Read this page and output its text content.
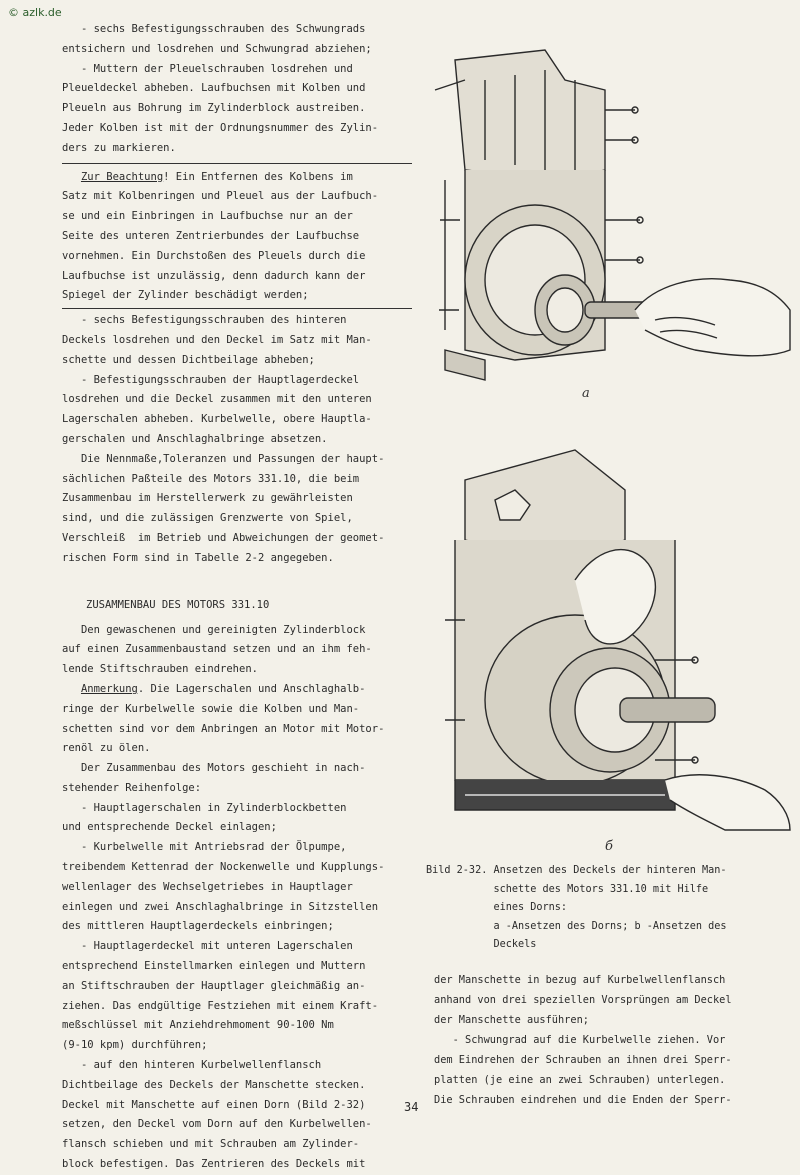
© azlk.de

- sechs Befestigungsschrauben des Schwungrads

entsichern und losdrehen und Schwungrad abziehen;

- Muttern der Pleuelschrauben losdrehen und

Pleueldeckel abheben. Laufbuchsen mit Kolben und

Pleueln aus Bohrung im Zylinderblock austreiben.

Jeder Kolben ist mit der Ordnungsnummer des Zylin-

ders zu markieren.

Zur Beachtung! Ein Entfernen des Kolbens im

Satz mit Kolbenringen und Pleuel aus der Laufbuch-

se und ein Einbringen in Laufbuchse nur an der

Seite des unteren Zentrierbundes der Laufbuchse

vornehmen. Ein Durchstoßen des Pleuels durch die

Laufbuchse ist unzulässig, denn dadurch kann der

Spiegel der Zylinder beschädigt werden;

- sechs Befestigungsschrauben des hinteren

Deckels losdrehen und den Deckel im Satz mit Man-

schette und dessen Dichtbeilage abheben;

- Befestigungsschrauben der Hauptlagerdeckel

losdrehen und die Deckel zusammen mit den unteren

Lagerschalen abheben. Kurbelwelle, obere Hauptla-

gerschalen und Anschlaghalbringe absetzen.

Die Nennmaße,Toleranzen und Passungen der haupt-

sächlichen Paßteile des Motors 331.10, die beim

Zusammenbau im Herstellerwerk zu gewährleisten

sind, und die zulässigen Grenzwerte von Spiel,

Verschleiß  im Betrieb und Abweichungen der geomet-

rischen Form sind in Tabelle 2-2 angegeben.

ZUSAMMENBAU DES MOTORS 331.10

Den gewaschenen und gereinigten Zylinderblock

auf einen Zusammenbaustand setzen und an ihm feh-

lende Stiftschrauben eindrehen.

Anmerkung. Die Lagerschalen und Anschlaghalb-

ringe der Kurbelwelle sowie die Kolben und Man-

schetten sind vor dem Anbringen an Motor mit Motor-

renöl zu ölen.

Der Zusammenbau des Motors geschieht in nach-

stehender Reihenfolge:

- Hauptlagerschalen in Zylinderblockbetten

und entsprechende Deckel einlagen;

- Kurbelwelle mit Antriebsrad der Ölpumpe,

treibendem Kettenrad der Nockenwelle und Kupplungs-

wellenlager des Wechselgetriebes in Hauptlager

einlegen und zwei Anschlaghalbringe in Sitzstellen

des mittleren Hauptlagerdeckels einbringen;

- Hauptlagerdeckel mit unteren Lagerschalen

entsprechend Einstellmarken einlegen und Muttern

an Stiftschrauben der Hauptlager gleichmäßig an-

ziehen. Das endgültige Festziehen mit einem Kraft-

meßschlüssel mit Anziehdrehmoment 90-100 Nm

(9-10 kpm) durchführen;

- auf den hinteren Kurbelwellenflansch

Dichtbeilage des Deckels der Manschette stecken.

Deckel mit Manschette auf einen Dorn (Bild 2-32)

setzen, den Deckel vom Dorn auf den Kurbelwellen-

flansch schieben und mit Schrauben am Zylinder-

block befestigen. Das Zentrieren des Deckels mit

a
б

Bild 2-32. Ansetzen des Deckels der hinteren Man-

schette des Motors 331.10 mit Hilfe

eines Dorns:

a -Ansetzen des Dorns; b -Ansetzen des

Deckels

der Manschette in bezug auf Kurbelwellenflansch

anhand von drei speziellen Vorsprüngen am Deckel

der Manschette ausführen;

- Schwungrad auf die Kurbelwelle ziehen. Vor

dem Eindrehen der Schrauben an ihnen drei Sperr-

platten (je eine an zwei Schrauben) unterlegen.

Die Schrauben eindrehen und die Enden der Sperr-

34
